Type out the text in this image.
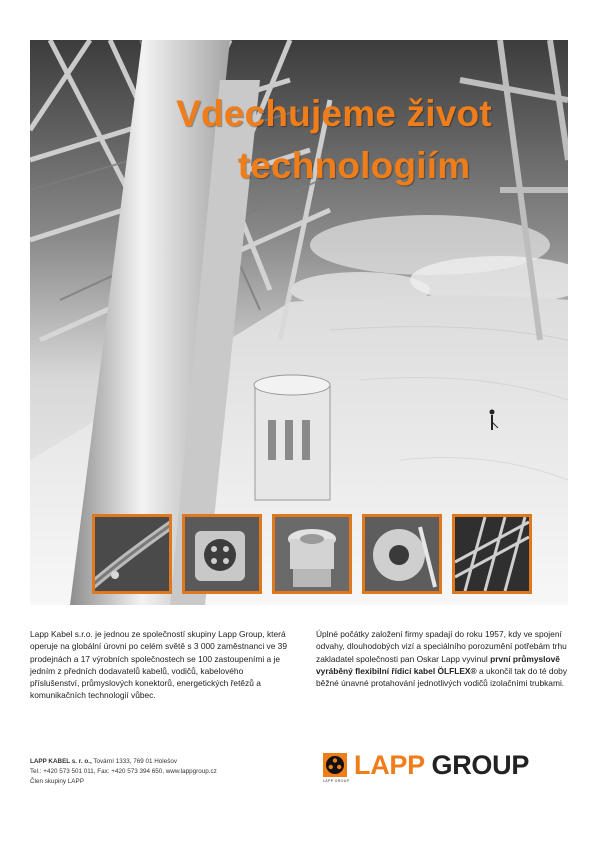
Vdechujeme život
technologiím

Lapp Kabel s.r.o. je jednou ze společností skupiny Lapp Group, která operuje na globální úrovni po celém světě s 3 000 zaměstnanci ve 39 prodejnách a 17 výrobních společnostech se 100 zastoupeními a je jedním z předních dodavatelů kabelů, vodičů, kabelového příslušenství, průmyslových konektorů, energetických řetězů a komunikačních technologií vůbec.

Úplné počátky založení firmy spadají do roku 1957, kdy ve spojení odvahy, dlouhodobých vizí a speciálního porozumění potřebám trhu zakladatel společnosti pan Oskar Lapp vyvinul první průmyslově vyráběný flexibilní řídicí kabel ÖLFLEX® a ukončil tak do té doby běžné únavné protahování jednotlivých vodičů izolačními trubkami.

LAPP KABEL s. r. o., Tovární 1333, 769 01 Holešov
Tel.: +420 573 501 011, Fax: +420 573 394 650, www.lappgroup.cz
Člen skupiny LAPP	LAPP GROUP
LAPP GROUP
